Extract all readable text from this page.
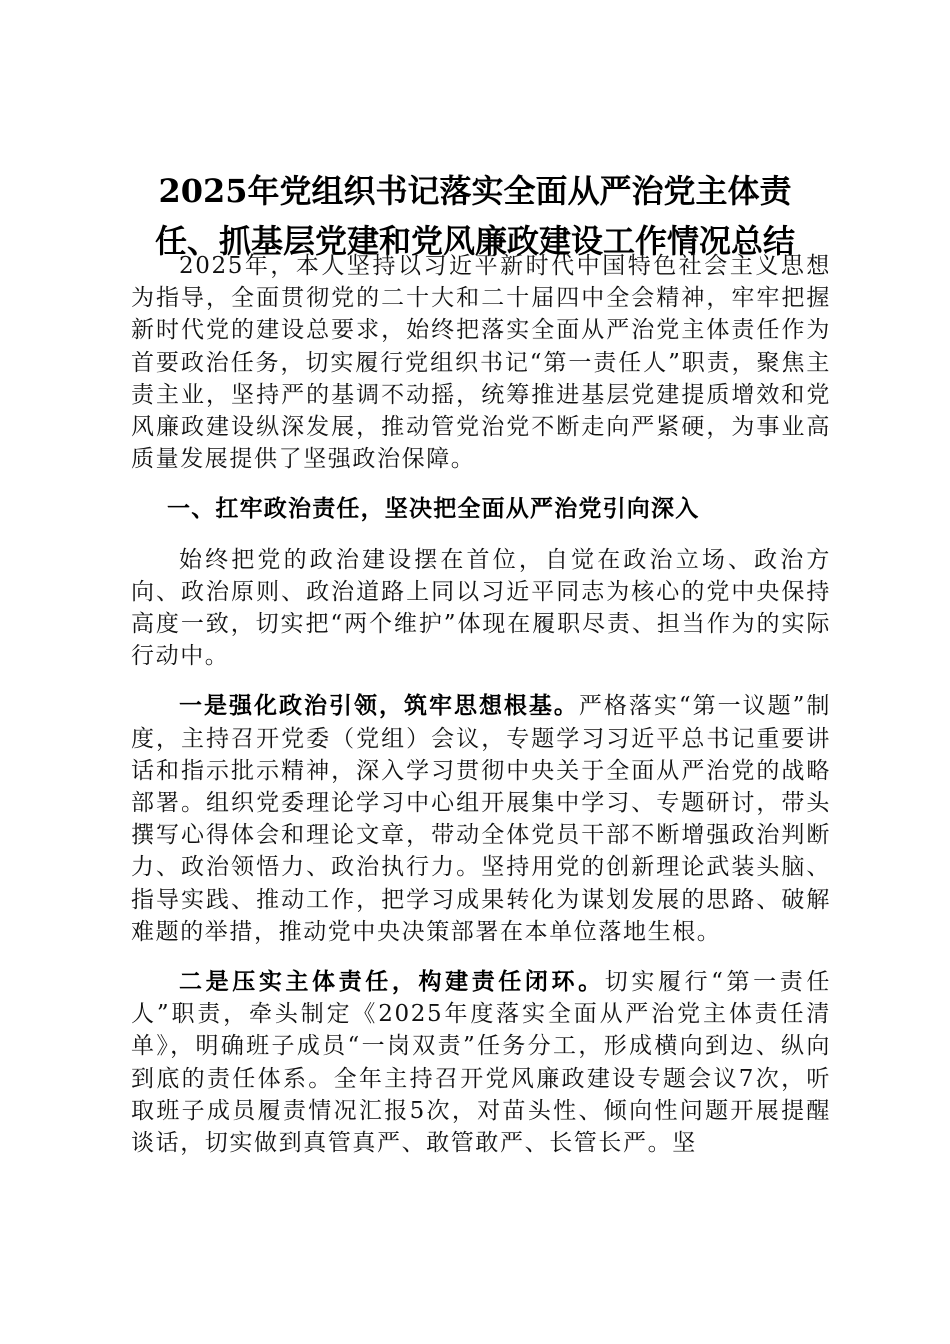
2025年党组织书记落实全面从严治党主体责
任、抓基层党建和党风廉政建设工作情况总结

2025年，本人坚持以习近平新时代中国特色社会主义思想为指导，全面贯彻党的二十大和二十届四中全会精神，牢牢把握新时代党的建设总要求，始终把落实全面从严治党主体责任作为首要政治任务，切实履行党组织书记“第一责任人”职责，聚焦主责主业，坚持严的基调不动摇，统筹推进基层党建提质增效和党风廉政建设纵深发展，推动管党治党不断走向严紧硬，为事业高质量发展提供了坚强政治保障。

一、扛牢政治责任，坚决把全面从严治党引向深入

始终把党的政治建设摆在首位，自觉在政治立场、政治方向、政治原则、政治道路上同以习近平同志为核心的党中央保持高度一致，切实把“两个维护”体现在履职尽责、担当作为的实际行动中。

一是强化政治引领，筑牢思想根基。严格落实“第一议题”制度，主持召开党委（党组）会议，专题学习习近平总书记重要讲话和指示批示精神，深入学习贯彻中央关于全面从严治党的战略部署。组织党委理论学习中心组开展集中学习、专题研讨，带头撰写心得体会和理论文章，带动全体党员干部不断增强政治判断力、政治领悟力、政治执行力。坚持用党的创新理论武装头脑、指导实践、推动工作，把学习成果转化为谋划发展的思路、破解难题的举措，推动党中央决策部署在本单位落地生根。

二是压实主体责任，构建责任闭环。切实履行“第一责任人”职责，牵头制定《2025年度落实全面从严治党主体责任清单》，明确班子成员“一岗双责”任务分工，形成横向到边、纵向到底的责任体系。全年主持召开党风廉政建设专题会议7次，听取班子成员履责情况汇报5次，对苗头性、倾向性问题开展提醒谈话，切实做到真管真严、敢管敢严、长管长严。坚
